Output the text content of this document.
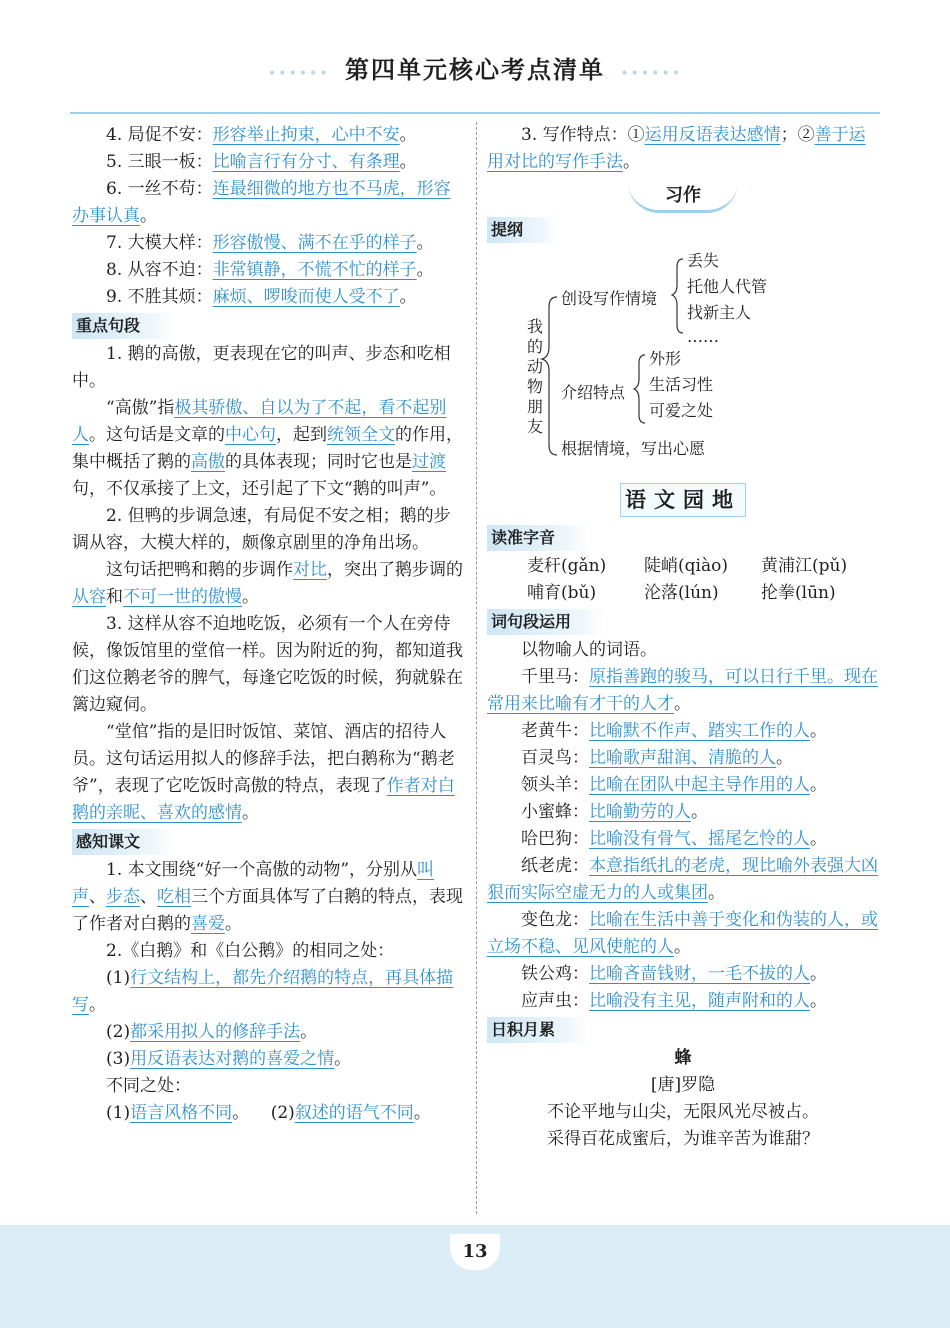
•••••• 第四单元核心考点清单 ••••••

4. 局促不安：形容举止拘束，心中不安。

5. 三眼一板：比喻言行有分寸、有条理。

6. 一丝不苟：连最细微的地方也不马虎，形容办事认真。

7. 大模大样：形容傲慢、满不在乎的样子。

8. 从容不迫：非常镇静，不慌不忙的样子。

9. 不胜其烦：麻烦、啰唆而使人受不了。

重点句段

1. 鹅的高傲，更表现在它的叫声、步态和吃相中。

“高傲”指极其骄傲、自以为了不起，看不起别人。这句话是文章的中心句，起到统领全文的作用，集中概括了鹅的高傲的具体表现；同时它也是过渡句，不仅承接了上文，还引起了下文“鹅的叫声”。

2. 但鸭的步调急速，有局促不安之相；鹅的步调从容，大模大样的，颇像京剧里的净角出场。

这句话把鸭和鹅的步调作对比，突出了鹅步调的从容和不可一世的傲慢。

3. 这样从容不迫地吃饭，必须有一个人在旁侍候，像饭馆里的堂倌一样。因为附近的狗，都知道我们这位鹅老爷的脾气，每逢它吃饭的时候，狗就躲在篱边窥伺。

“堂倌”指的是旧时饭馆、菜馆、酒店的招待人员。这句话运用拟人的修辞手法，把白鹅称为“鹅老爷”，表现了它吃饭时高傲的特点，表现了作者对白鹅的亲昵、喜欢的感情。

感知课文

1. 本文围绕“好一个高傲的动物”，分别从叫声、步态、吃相三个方面具体写了白鹅的特点，表现了作者对白鹅的喜爱。

2.《白鹅》和《白公鹅》的相同之处：

(1)行文结构上，都先介绍鹅的特点，再具体描写。

(2)都采用拟人的修辞手法。

(3)用反语表达对鹅的喜爱之情。

不同之处：

(1)语言风格不同。 (2)叙述的语气不同。

3. 写作特点：①运用反语表达感情；②善于运用对比的写作手法。

习作
提纲
我
的
动
物
朋
友
创设写作情境
丢失
托他人代管
找新主人
……
介绍特点
外形
生活习性
可爱之处
根据情境，写出心愿
语文园地
读准字音
麦秆(gǎn)	陡峭(qiào)	黄浦江(pǔ)
哺育(bǔ)	沦落(lún)	抡拳(lūn)
词句段运用

以物喻人的词语。

千里马：原指善跑的骏马，可以日行千里。现在常用来比喻有才干的人才。

老黄牛：比喻默不作声、踏实工作的人。

百灵鸟：比喻歌声甜润、清脆的人。

领头羊：比喻在团队中起主导作用的人。

小蜜蜂：比喻勤劳的人。

哈巴狗：比喻没有骨气、摇尾乞怜的人。

纸老虎：本意指纸扎的老虎，现比喻外表强大凶狠而实际空虚无力的人或集团。

变色龙：比喻在生活中善于变化和伪装的人，或立场不稳、见风使舵的人。

铁公鸡：比喻吝啬钱财，一毛不拔的人。

应声虫：比喻没有主见，随声附和的人。

日积月累

蜂

[唐]罗隐

不论平地与山尖，无限风光尽被占。

采得百花成蜜后，为谁辛苦为谁甜？

13
